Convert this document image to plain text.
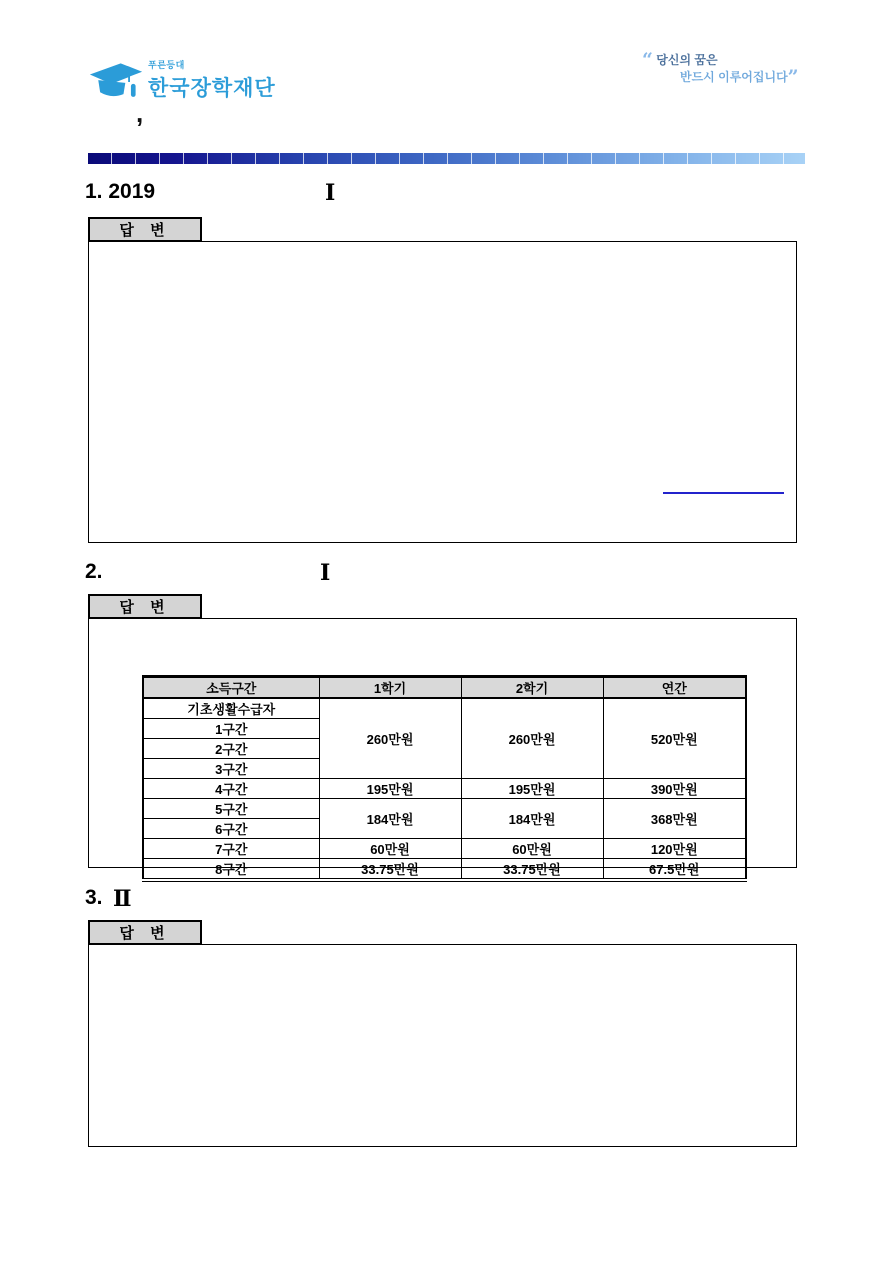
푸른등대
한국장학재단
“ 당신의 꿈은
반드시 이루어집니다”
,
1. 2019	Ⅰ
답 변
2.	Ⅰ
답 변
소득구간	1학기	2학기	연간
기초생활수급자	260만원	260만원	520만원
1구간			
2구간			
3구간			
4구간	195만원	195만원	390만원
5구간	184만원	184만원	368만원
6구간			
7구간	60만원	60만원	120만원
8구간	33.75만원	33.75만원	67.5만원
3. Ⅱ
답 변
